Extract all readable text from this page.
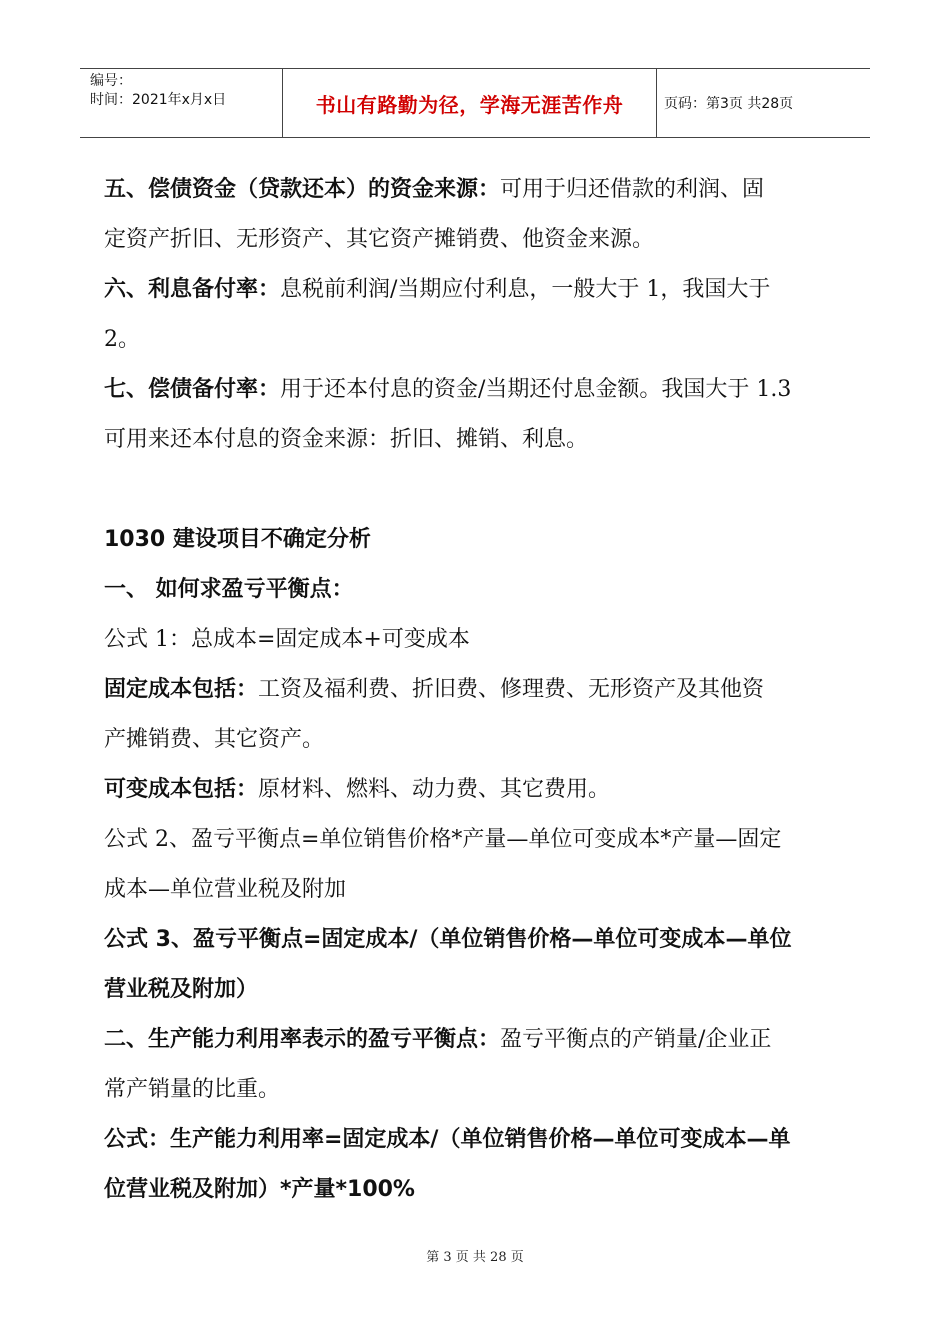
编号：
时间：2021年x月x日	书山有路勤为径，学海无涯苦作舟	页码：第3页 共28页
五、偿债资金（贷款还本）的资金来源：可用于归还借款的利润、固
定资产折旧、无形资产、其它资产摊销费、他资金来源。
六、利息备付率：息税前利润/当期应付利息，一般大于 1，我国大于
2。
七、偿债备付率：用于还本付息的资金/当期还付息金额。我国大于 1.3
可用来还本付息的资金来源：折旧、摊销、利息。
1030 建设项目不确定分析
一、 如何求盈亏平衡点：
公式 1：总成本=固定成本+可变成本
固定成本包括：工资及福利费、折旧费、修理费、无形资产及其他资
产摊销费、其它资产。
可变成本包括：原材料、燃料、动力费、其它费用。
公式 2、盈亏平衡点=单位销售价格*产量—单位可变成本*产量—固定
成本—单位营业税及附加
公式 3、盈亏平衡点=固定成本/（单位销售价格—单位可变成本—单位
营业税及附加）
二、生产能力利用率表示的盈亏平衡点：盈亏平衡点的产销量/企业正
常产销量的比重。
公式：生产能力利用率=固定成本/（单位销售价格—单位可变成本—单
位营业税及附加）*产量*100%
第 3 页 共 28 页
